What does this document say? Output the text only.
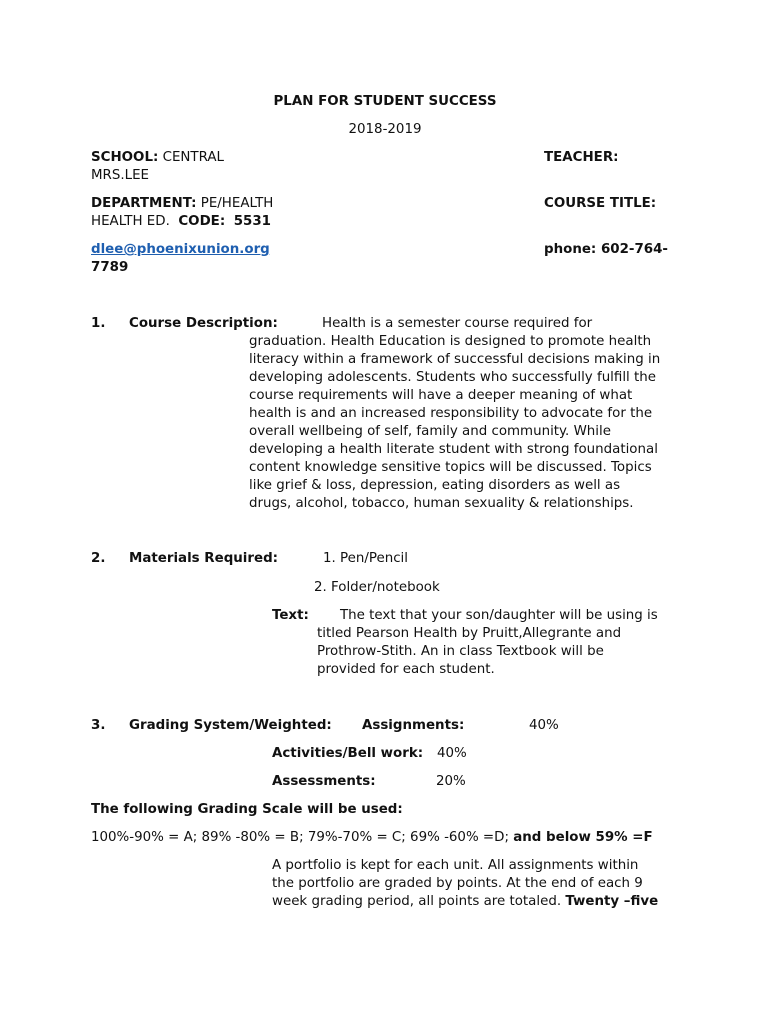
PLAN FOR STUDENT SUCCESS
2018-2019
SCHOOL: CENTRAL	TEACHER:
MRS.LEE
DEPARTMENT: PE/HEALTH	COURSE TITLE:
HEALTH ED. CODE: 5531
dlee@phoenixunion.org	phone: 602-764-
7789
1. Course Description:	Health is a semester course required for
graduation. Health Education is designed to promote health
literacy within a framework of successful decisions making in
developing adolescents. Students who successfully fulfill the
course requirements will have a deeper meaning of what
health is and an increased responsibility to advocate for the
overall wellbeing of self, family and community. While
developing a health literate student with strong foundational
content knowledge sensitive topics will be discussed. Topics
like grief & loss, depression, eating disorders as well as
drugs, alcohol, tobacco, human sexuality & relationships.
2. Materials Required:	1. Pen/Pencil
2. Folder/notebook
Text: The text that your son/daughter will be using is
titled Pearson Health by Pruitt,Allegrante and
Prothrow-Stith. An in class Textbook will be
provided for each student.
3. Grading System/Weighted: Assignments:	40%
Activities/Bell work: 40%
Assessments:	20%
The following Grading Scale will be used:
100%-90% = A; 89% -80% = B; 79%-70% = C; 69% -60% =D; and below 59% =F
A portfolio is kept for each unit. All assignments within
the portfolio are graded by points. At the end of each 9
week grading period, all points are totaled. Twenty –five
